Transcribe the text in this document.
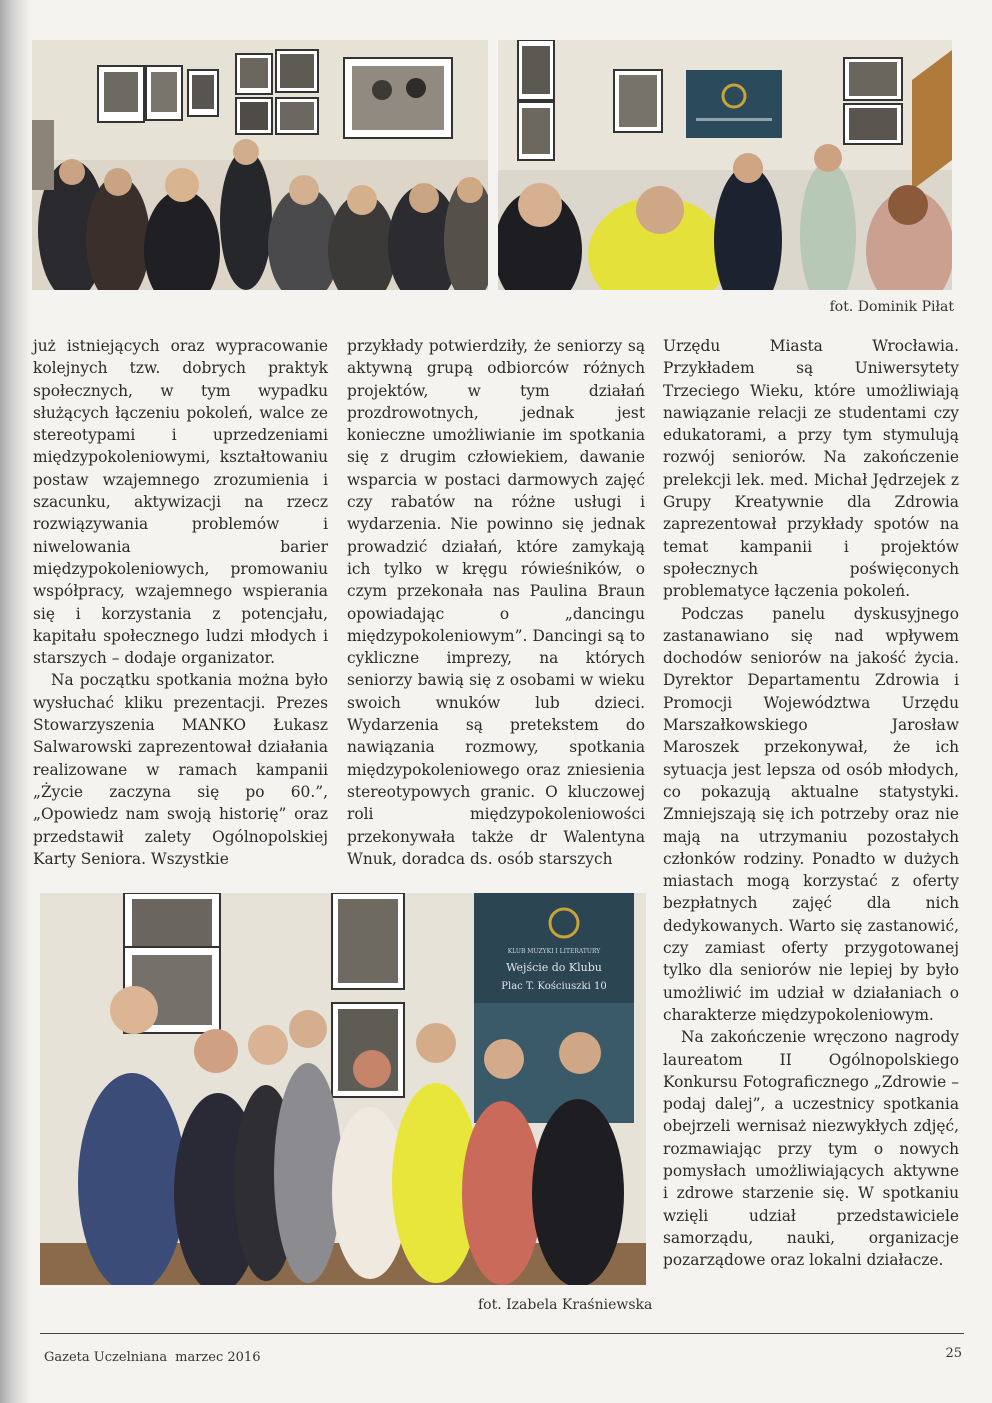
fot. Dominik Piłat

już istniejących oraz wypracowanie kolejnych tzw. dobrych praktyk społecznych, w tym wypadku służących łączeniu pokoleń, walce ze stereotypami i uprzedzeniami międzypokoleniowymi, kształtowaniu postaw wzajemnego zrozumienia i szacunku, aktywizacji na rzecz rozwiązywania problemów i niwelowania barier międzypokoleniowych, promowaniu współpracy, wzajemnego wspierania się i korzystania z potencjału, kapitału społecznego ludzi młodych i starszych – dodaje organizator.

Na początku spotkania można było wysłuchać kliku prezentacji. Prezes Stowarzyszenia MANKO Łukasz Salwarowski zaprezentował działania realizowane w ramach kampanii „Życie zaczyna się po 60.”, „Opowiedz nam swoją historię” oraz przedstawił zalety Ogólnopolskiej Karty Seniora. Wszystkie

przykłady potwierdziły, że seniorzy są aktywną grupą odbiorców różnych projektów, w tym działań prozdrowotnych, jednak jest konieczne umożliwianie im spotkania się z drugim człowiekiem, dawanie wsparcia w postaci darmowych zajęć czy rabatów na różne usługi i wydarzenia. Nie powinno się jednak prowadzić działań, które zamykają ich tylko w kręgu rówieśników, o czym przekonała nas Paulina Braun opowiadając o „dancingu międzypokoleniowym”. Dancingi są to cykliczne imprezy, na których seniorzy bawią się z osobami w wieku swoich wnuków lub dzieci. Wydarzenia są pretekstem do nawiązania rozmowy, spotkania międzypokoleniowego oraz zniesienia stereotypowych granic. O kluczowej roli międzypokoleniowości przekonywała także dr Walentyna Wnuk, doradca ds. osób starszych

Urzędu Miasta Wrocławia. Przykładem są Uniwersytety Trzeciego Wieku, które umożliwiają nawiązanie relacji ze studentami czy edukatorami, a przy tym stymulują rozwój seniorów. Na zakończenie prelekcji lek. med. Michał Jędrzejek z Grupy Kreatywnie dla Zdrowia zaprezentował przykłady spotów na temat kampanii i projektów społecznych poświęconych problematyce łączenia pokoleń.

Podczas panelu dyskusyjnego zastanawiano się nad wpływem dochodów seniorów na jakość życia. Dyrektor Departamentu Zdrowia i Promocji Województwa Urzędu Marszałkowskiego Jarosław Maroszek przekonywał, że ich sytuacja jest lepsza od osób młodych, co pokazują aktualne statystyki. Zmniejszają się ich potrzeby oraz nie mają na utrzymaniu pozostałych członków rodziny. Ponadto w dużych miastach mogą korzystać z oferty bezpłatnych zajęć dla nich dedykowanych. Warto się zastanowić, czy zamiast oferty przygotowanej tylko dla seniorów nie lepiej by było umożliwić im udział w działaniach o charakterze międzypokoleniowym.

Na zakończenie wręczono nagrody laureatom II Ogólnopolskiego Konkursu Fotograficznego „Zdrowie – podaj dalej”, a uczestnicy spotkania obejrzeli wernisaż niezwykłych zdjęć, rozmawiając przy tym o nowych pomysłach umożliwiających aktywne i zdrowe starzenie się. W spotkaniu wzięli udział przedstawiciele samorządu, nauki, organizacje pozarządowe oraz lokalni działacze.

KLUB MUZYKI I LITERATURY
Wejście do Klubu
Plac T. Kościuszki 10
fot. Izabela Kraśniewska
Gazeta Uczelniana marzec 2016	25
